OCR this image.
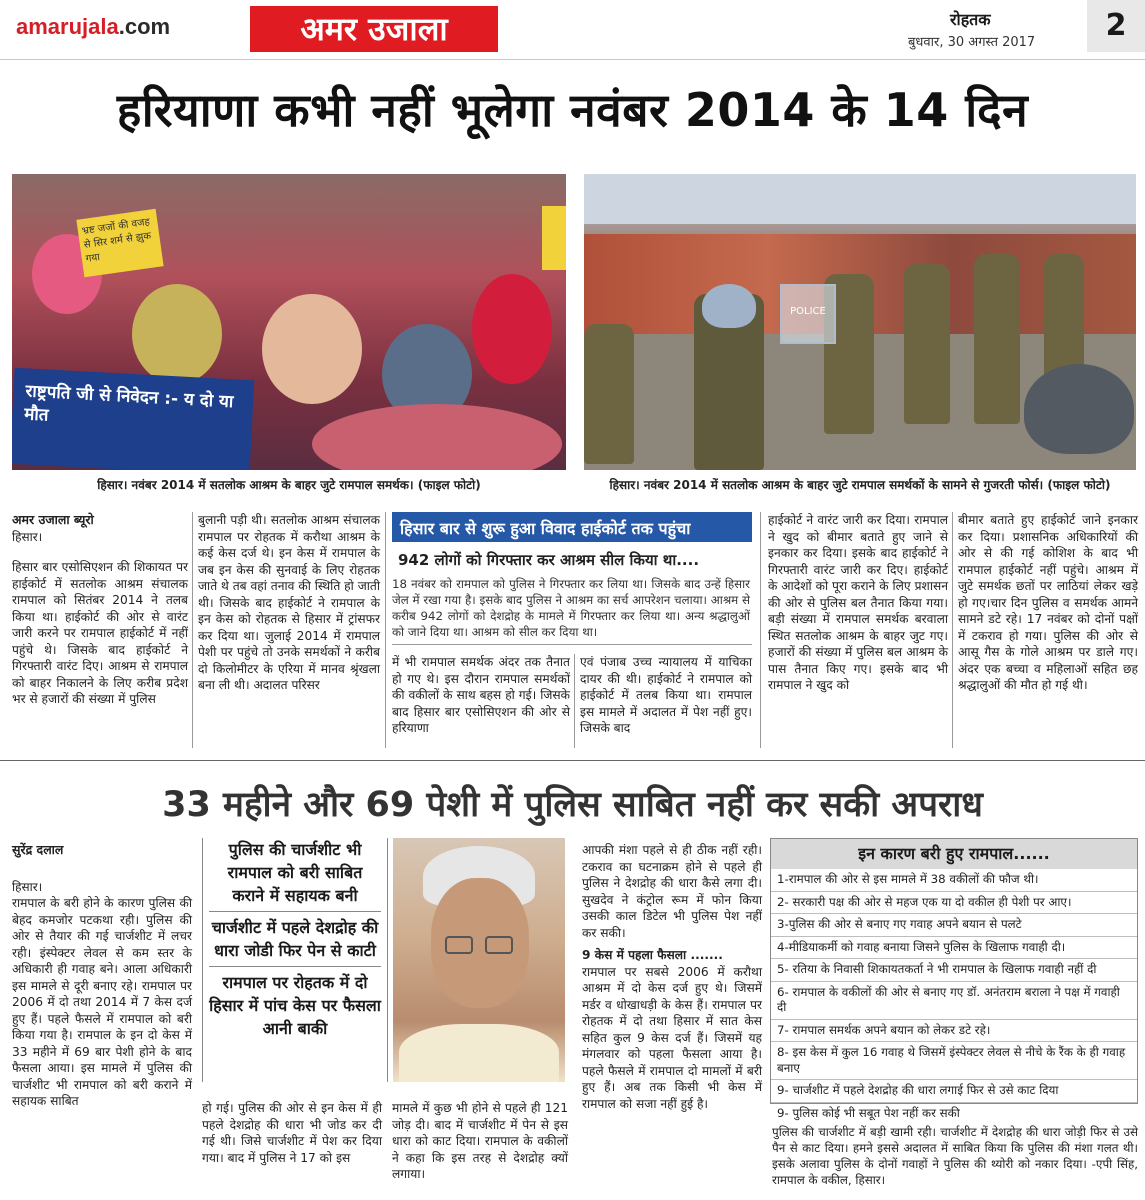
amarujala.com	अमर उजाला	रोहतक
बुधवार, 30 अगस्त 2017	2
हरियाणा कभी नहीं भूलेगा नवंबर 2014 के 14 दिन
भ्रष्ट जजों की वजह से सिर शर्म से झुक गया
राष्ट्रपति जी से निवेदन :- य दो या मौत
POLICE
हिसार। नवंबर 2014 में सतलोक आश्रम के बाहर जुटे रामपाल समर्थक। (फाइल फोटो)	हिसार। नवंबर 2014 में सतलोक आश्रम के बाहर जुटे रामपाल समर्थकों के सामने से गुजरती फोर्स। (फाइल फोटो)
अमर उजाला ब्यूरो
हिसार।
हिसार बार एसोसिएशन की शिकायत पर हाईकोर्ट में सतलोक आश्रम संचालक रामपाल को सितंबर 2014 ने तलब किया था। हाईकोर्ट की ओर से वारंट जारी करने पर रामपाल हाईकोर्ट में नहीं पहुंचे थे। जिसके बाद हाईकोर्ट ने गिरफ्तारी वारंट दिए। आश्रम से रामपाल को बाहर निकालने के लिए करीब प्रदेश भर से हजारों की संख्या में पुलिस
बुलानी पड़ी थी। सतलोक आश्रम संचालक रामपाल पर रोहतक में करौथा आश्रम के कई केस दर्ज थे। इन केस में रामपाल के जब इन केस की सुनवाई के लिए रोहतक जाते थे तब वहां तनाव की स्थिति हो जाती थी। जिसके बाद हाईकोर्ट ने रामपाल के इन केस को रोहतक से हिसार में ट्रांसफर कर दिया था। जुलाई 2014 में रामपाल पेशी पर पहुंचे तो उनके समर्थकों ने करीब दो किलोमीटर के एरिया में मानव श्रृंखला बना ली थी। अदालत परिसर
हिसार बार से शुरू हुआ विवाद हाईकोर्ट तक पहुंचा
942 लोगों को गिरफ्तार कर आश्रम सील किया था....
18 नवंबर को रामपाल को पुलिस ने गिरफ्तार कर लिया था। जिसके बाद उन्हें हिसार जेल में रखा गया है। इसके बाद पुलिस ने आश्रम का सर्च आपरेशन चलाया। आश्रम से करीब 942 लोगों को देशद्रोह के मामले में गिरफ्तार कर लिया था। अन्य श्रद्धालुओं को जाने दिया था। आश्रम को सील कर दिया था।
में भी रामपाल समर्थक अंदर तक तैनात हो गए थे। इस दौरान रामपाल समर्थकों की वकीलों के साथ बहस हो गई। जिसके बाद हिसार बार एसोसिएशन की ओर से हरियाणा
एवं पंजाब उच्च न्यायालय में याचिका दायर की थी। हाईकोर्ट ने रामपाल को हाईकोर्ट में तलब किया था। रामपाल इस मामले में अदालत में पेश नहीं हुए। जिसके बाद
हाईकोर्ट ने वारंट जारी कर दिया। रामपाल ने खुद को बीमार बताते हुए जाने से इनकार कर दिया। इसके बाद हाईकोर्ट ने गिरफ्तारी वारंट जारी कर दिए। हाईकोर्ट के आदेशों को पूरा कराने के लिए प्रशासन की ओर से पुलिस बल तैनात किया गया। बड़ी संख्या में रामपाल समर्थक बरवाला स्थित सतलोक आश्रम के बाहर जुट गए। हजारों की संख्या में पुलिस बल आश्रम के पास तैनात किए गए। इसके बाद भी रामपाल ने खुद को
बीमार बताते हुए हाईकोर्ट जाने इनकार कर दिया। प्रशासनिक अधिकारियों की ओर से की गई कोशिश के बाद भी रामपाल हाईकोर्ट नहीं पहुंचे। आश्रम में जुटे समर्थक छतों पर लाठियां लेकर खड़े हो गए।चार दिन पुलिस व समर्थक आमने सामने डटे रहे। 17 नवंबर को दोनों पक्षों में टकराव हो गया। पुलिस की ओर से आसू गैस के गोले आश्रम पर डाले गए। अंदर एक बच्चा व महिलाओं सहित छह श्रद्धालुओं की मौत हो गई थी।
33 महीने और 69 पेशी में पुलिस साबित नहीं कर सकी अपराध
सुरेंद्र दलाल
हिसार।
रामपाल के बरी होने के कारण पुलिस की बेहद कमजोर पटकथा रही। पुलिस की ओर से तैयार की गई चार्जशीट में लचर रही। इंस्पेक्टर लेवल से कम स्तर के अधिकारी ही गवाह बने। आला अधिकारी इस मामले से दूरी बनाए रहे। रामपाल पर 2006 में दो तथा 2014 में 7 केस दर्ज हुए हैं। पहले फैसले में रामपाल को बरी किया गया है। रामपाल के इन दो केस में 33 महीने में 69 बार पेशी होने के बाद फैसला आया। इस मामले में पुलिस की चार्जशीट भी रामपाल को बरी कराने में सहायक साबित
पुलिस की चार्जशीट भी रामपाल को बरी साबित कराने में सहायक बनी
चार्जशीट में पहले देशद्रोह की धारा जोडी फिर पेन से काटी
रामपाल पर रोहतक में दो हिसार में पांच केस पर फैसला आनी बाकी
हो गई। पुलिस की ओर से इन केस में ही पहले देशद्रोह की धारा भी जोड कर दी गई थी। जिसे चार्जशीट में पेश कर दिया गया। बाद में पुलिस ने 17 को इस
मामले में कुछ भी होने से पहले ही 121 जोड़ दी। बाद में चार्जशीट में पेन से इस धारा को काट दिया। रामपाल के वकीलों ने कहा कि इस तरह से देशद्रोह क्यों लगाया।
आपकी मंशा पहले से ही ठीक नहीं रही। टकराव का घटनाक्रम होने से पहले ही पुलिस ने देशद्रोह की धारा कैसे लगा दी। सुखदेव ने कंट्रोल रूम में फोन किया उसकी काल डिटेल भी पुलिस पेश नहीं कर सकी।
9 केस में पहला फैसला .......
रामपाल पर सबसे 2006 में करौथा आश्रम में दो केस दर्ज हुए थे। जिसमें मर्डर व धोखाधड़ी के केस हैं। रामपाल पर रोहतक में दो तथा हिसार में सात केस सहित कुल 9 केस दर्ज हैं। जिसमें यह मंगलवार को पहला फैसला आया है। पहले फैसले में रामपाल दो मामलों में बरी हुए हैं। अब तक किसी भी केस में रामपाल को सजा नहीं हुई है।
इन कारण बरी हुए रामपाल......
1-रामपाल की ओर से इस मामले में 38 वकीलों की फौज थी।
2- सरकारी पक्ष की ओर से महज एक या दो वकील ही पेशी पर आए।
3-पुलिस की ओर से बनाए गए गवाह अपने बयान से पलटे
4-मीडियाकर्मी को गवाह बनाया जिसने पुलिस के खिलाफ गवाही दी।
5- रतिया के निवासी शिकायतकर्ता ने भी रामपाल के खिलाफ गवाही नहीं दी
6- रामपाल के वकीलों की ओर से बनाए गए डॉ. अनंतराम बराला ने पक्ष में गवाही दी
7- रामपाल समर्थक अपने बयान को लेकर डटे रहे।
8- इस केस में कुल 16 गवाह थे जिसमें इंस्पेक्टर लेवल से नीचे के रैंक के ही गवाह बनाए
9- चार्जशीट में पहले देशद्रोह की धारा लगाई फिर से उसे काट दिया
9- पुलिस कोई भी सबूत पेश नहीं कर सकी
पुलिस की चार्जशीट में बड़ी खामी रही। चार्जशीट में देशद्रोह की धारा जोड़ी फिर से उसे पैन से काट दिया। हमने इससे अदालत में साबित किया कि पुलिस की मंशा गलत थी। इसके अलावा पुलिस के दोनों गवाहों ने पुलिस की थ्योरी को नकार दिया। -एपी सिंह, रामपाल के वकील, हिसार।
